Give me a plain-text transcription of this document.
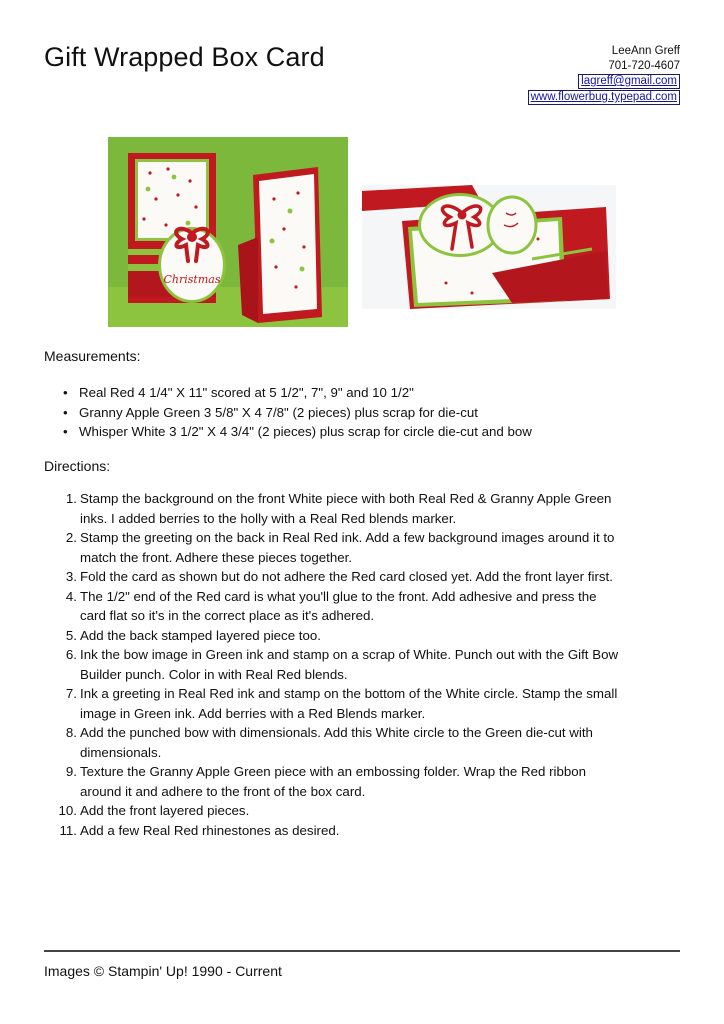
Gift Wrapped Box Card	LeeAnn Greff
701-720-4607
lagreff@gmail.com
www.flowerbug.typepad.com
Christmas
Measurements:
• Real Red 4 1/4" X 11" scored at 5 1/2", 7", 9" and 10 1/2"
• Granny Apple Green 3 5/8" X 4 7/8" (2 pieces) plus scrap for die-cut
• Whisper White 3 1/2" X 4 3/4" (2 pieces) plus scrap for circle die-cut and bow
Directions:
1. Stamp the background on the front White piece with both Real Red & Granny Apple Green
inks. I added berries to the holly with a Real Red blends marker.
2. Stamp the greeting on the back in Real Red ink. Add a few background images around it to
match the front. Adhere these pieces together.
3. Fold the card as shown but do not adhere the Red card closed yet. Add the front layer first.
4. The 1/2" end of the Red card is what you'll glue to the front. Add adhesive and press the
card flat so it's in the correct place as it's adhered.
5. Add the back stamped layered piece too.
6. Ink the bow image in Green ink and stamp on a scrap of White. Punch out with the Gift Bow
Builder punch. Color in with Real Red blends.
7. Ink a greeting in Real Red ink and stamp on the bottom of the White circle. Stamp the small
image in Green ink. Add berries with a Red Blends marker.
8. Add the punched bow with dimensionals. Add this White circle to the Green die-cut with
dimensionals.
9. Texture the Granny Apple Green piece with an embossing folder. Wrap the Red ribbon
around it and adhere to the front of the box card.
10. Add the front layered pieces.
11. Add a few Real Red rhinestones as desired.
Images © Stampin' Up! 1990 - Current
